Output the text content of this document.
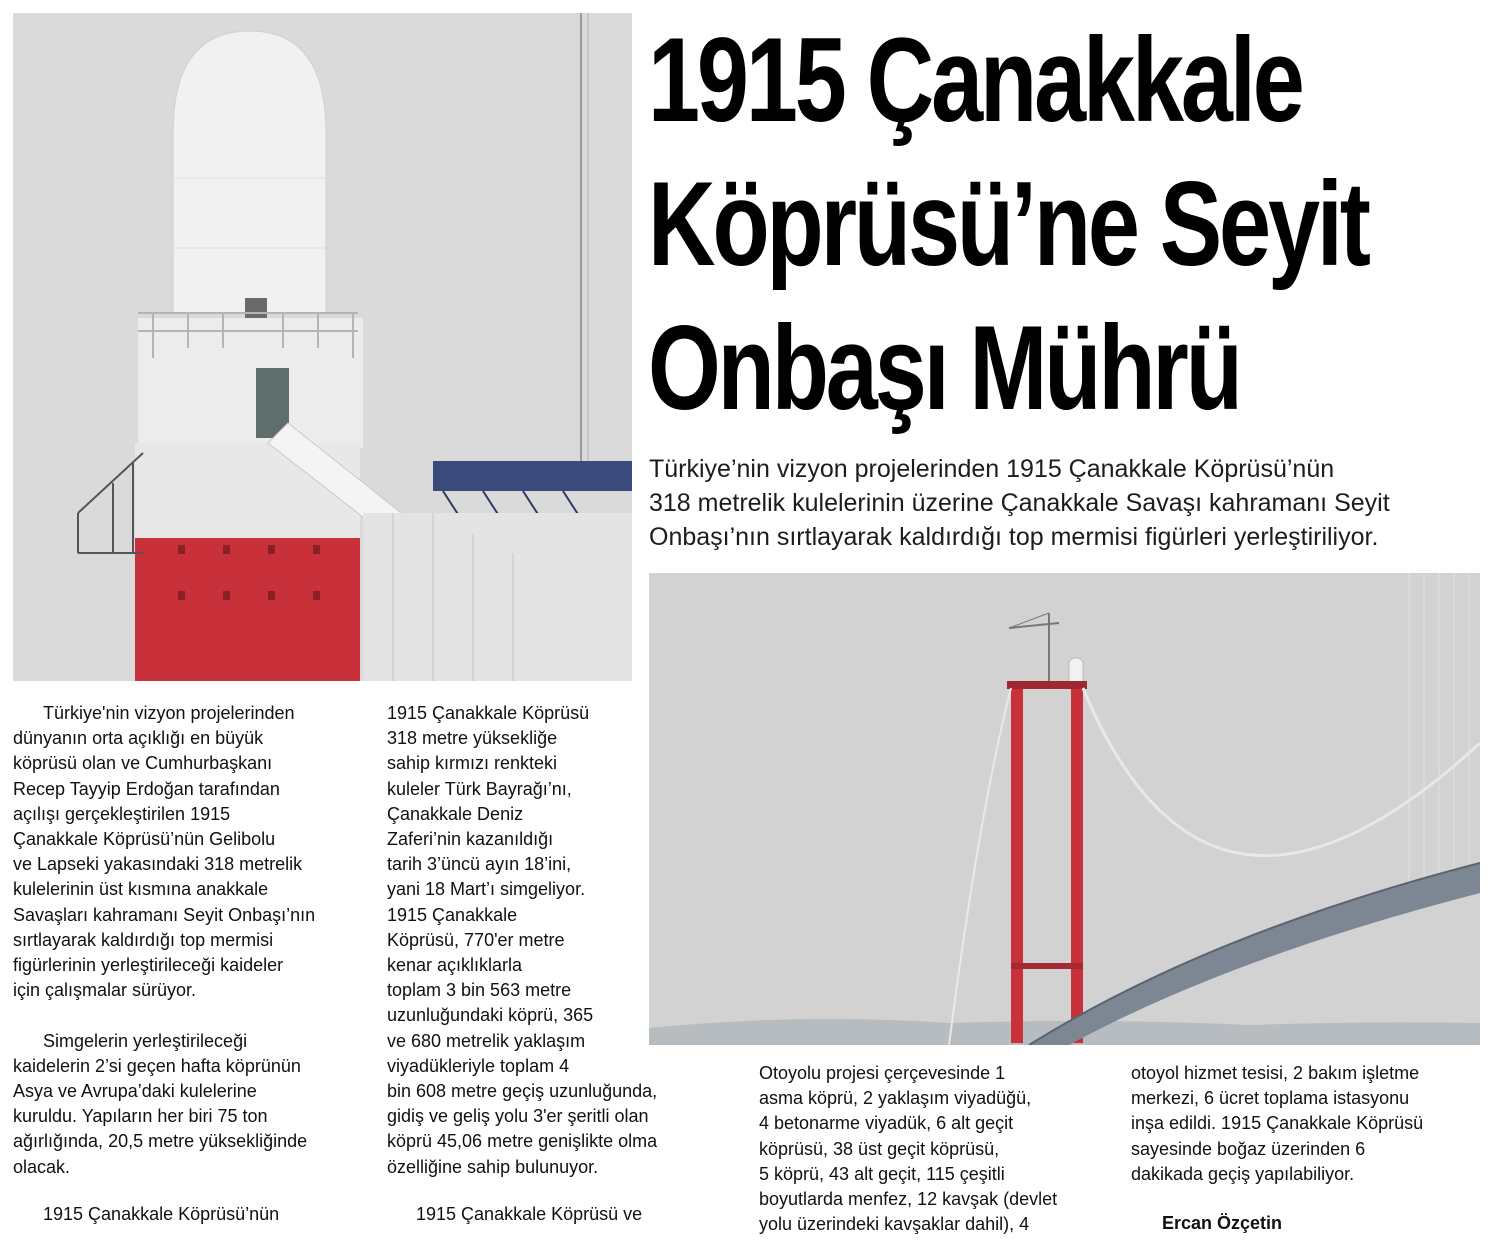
1915 Çanakkale
Köprüsü’ne Seyit
Onbaşı Mührü
Türkiye’nin vizyon projelerinden 1915 Çanakkale Köprüsü’nün
318 metrelik kulelerinin üzerine Çanakkale Savaşı kahramanı Seyit
Onbaşı’nın sırtlayarak kaldırdığı top mermisi figürleri yerleştiriliyor.
Türkiye'nin vizyon projelerinden
dünyanın orta açıklığı en büyük
köprüsü olan ve Cumhurbaşkanı
Recep Tayyip Erdoğan tarafından
açılışı gerçekleştirilen 1915
Çanakkale Köprüsü’nün Gelibolu
ve Lapseki yakasındaki 318 metrelik
kulelerinin üst kısmına anakkale
Savaşları kahramanı Seyit Onbaşı’nın
sırtlayarak kaldırdığı top mermisi
figürlerinin yerleştirileceği kaideler
için çalışmalar sürüyor.
Simgelerin yerleştirileceği
kaidelerin 2’si geçen hafta köprünün
Asya ve Avrupa’daki kulelerine
kuruldu. Yapıların her biri 75 ton
ağırlığında, 20,5 metre yüksekliğinde
olacak.
1915 Çanakkale Köprüsü’nün
1915 Çanakkale Köprüsü
318 metre yüksekliğe
sahip kırmızı renkteki
kuleler Türk Bayrağı’nı,
Çanakkale Deniz
Zaferi’nin kazanıldığı
tarih 3’üncü ayın 18’ini,
yani 18 Mart’ı simgeliyor.
1915 Çanakkale
Köprüsü, 770'er metre
kenar açıklıklarla
toplam 3 bin 563 metre
uzunluğundaki köprü, 365
ve 680 metrelik yaklaşım
viyadükleriyle toplam 4
bin 608 metre geçiş uzunluğunda,
gidiş ve geliş yolu 3'er şeritli olan
köprü 45,06 metre genişlikte olma
özelliğine sahip bulunuyor.
1915 Çanakkale Köprüsü ve
Otoyolu projesi çerçevesinde 1
asma köprü, 2 yaklaşım viyadüğü,
4 betonarme viyadük, 6 alt geçit
köprüsü, 38 üst geçit köprüsü,
5 köprü, 43 alt geçit, 115 çeşitli
boyutlarda menfez, 12 kavşak (devlet
yolu üzerindeki kavşaklar dahil), 4
otoyol hizmet tesisi, 2 bakım işletme
merkezi, 6 ücret toplama istasyonu
inşa edildi. 1915 Çanakkale Köprüsü
sayesinde boğaz üzerinden 6
dakikada geçiş yapılabiliyor.
Ercan Özçetin
